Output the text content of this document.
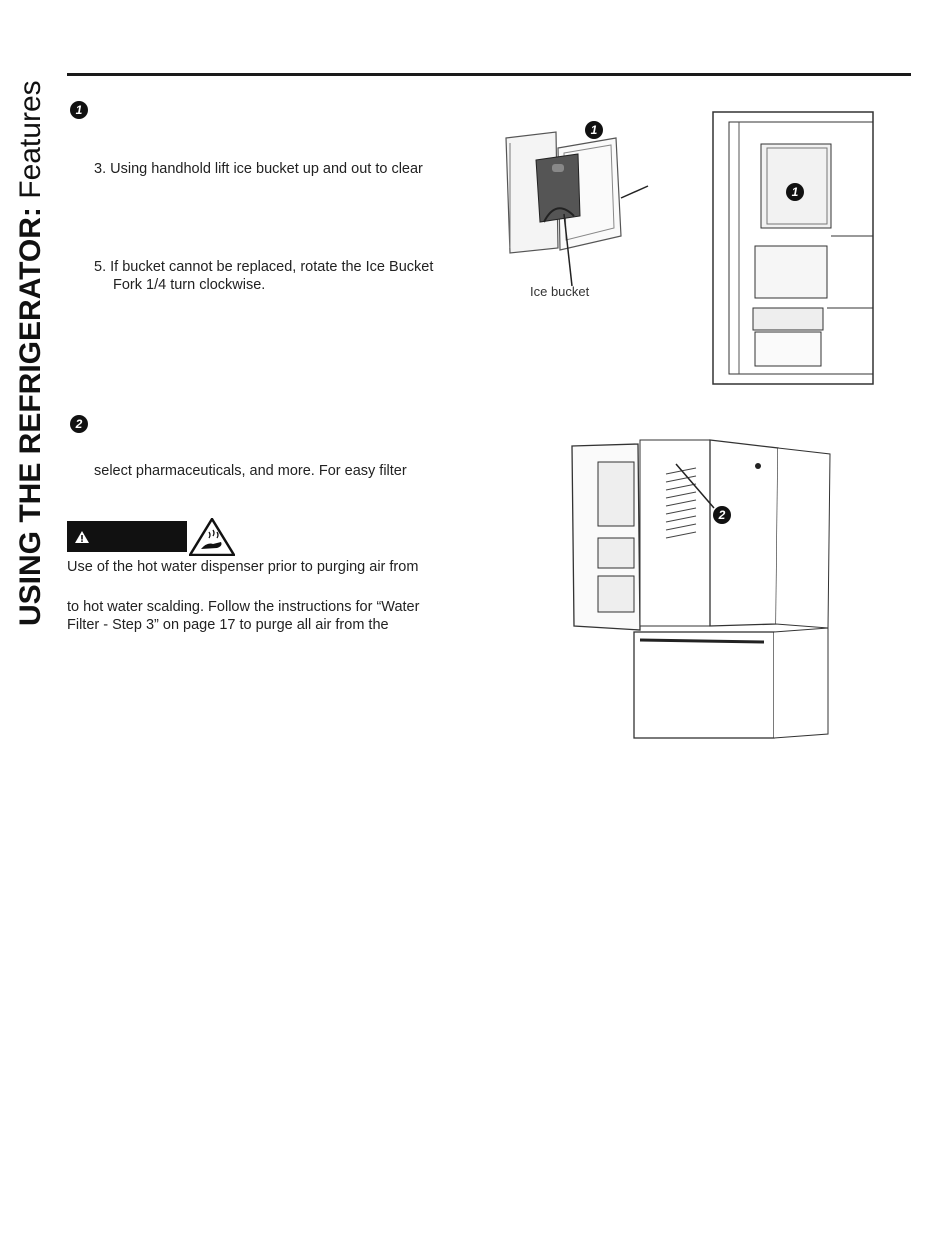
USING THE REFRIGERATOR: Features	1
3. Using handhold lift ice bucket up and out to clear
5. If bucket cannot be replaced, rotate the Ice Bucket
Fork 1/4 turn clockwise.
1
Ice bucket
1
2
select pharmaceuticals, and more. For easy filter
Use of the hot water dispenser prior to purging air from
to hot water scalding. Follow the instructions for “Water
Filter - Step 3” on page 17 to purge all air from the
2
